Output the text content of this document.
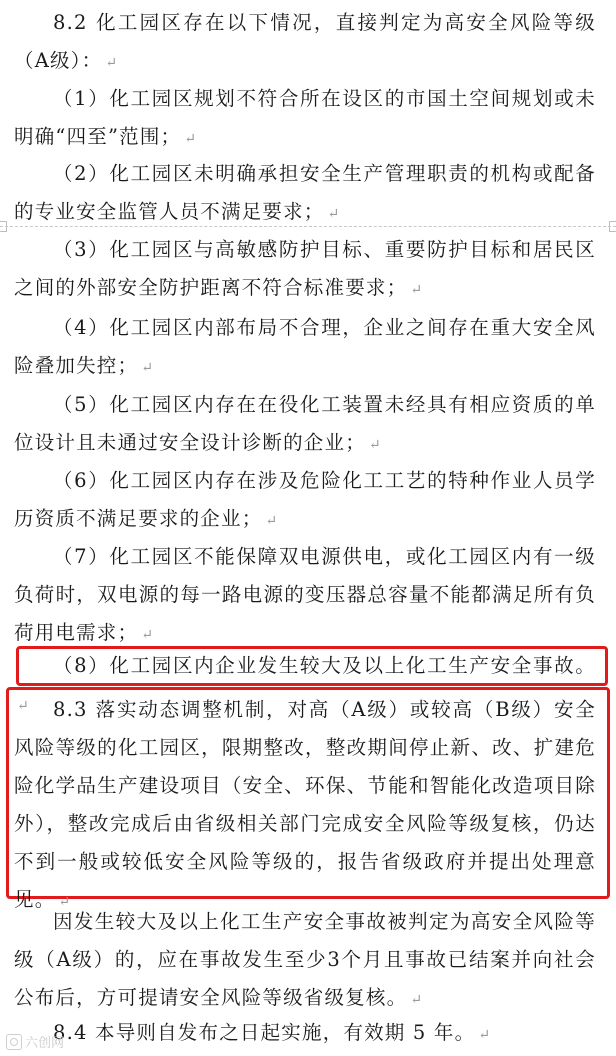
8.2 化工园区存在以下情况，直接判定为高安全风险等级（A级）： ↵

（1）化工园区规划不符合所在设区的市国土空间规划或未明确“四至”范围； ↵

（2）化工园区未明确承担安全生产管理职责的机构或配备的专业安全监管人员不满足要求； ↵

（3）化工园区与高敏感防护目标、重要防护目标和居民区之间的外部安全防护距离不符合标准要求； ↵

（4）化工园区内部布局不合理，企业之间存在重大安全风险叠加失控； ↵

（5）化工园区内存在在役化工装置未经具有相应资质的单位设计且未通过安全设计诊断的企业； ↵

（6）化工园区内存在涉及危险化工工艺的特种作业人员学历资质不满足要求的企业； ↵

（7）化工园区不能保障双电源供电，或化工园区内有一级负荷时，双电源的每一路电源的变压器总容量不能都满足所有负荷用电需求； ↵

（8）化工园区内企业发生较大及以上化工生产安全事故。↵	8.3 落实动态调整机制，对高（A级）或较高（B级）安全风险等级的化工园区，限期整改，整改期间停止新、改、扩建危险化学品生产建设项目（安全、环保、节能和智能化改造项目除外），整改完成后由省级相关部门完成安全风险等级复核，仍达不到一般或较低安全风险等级的，报告省级政府并提出处理意见。 ↵

因发生较大及以上化工生产安全事故被判定为高安全风险等级（A级）的，应在事故发生至少3个月且事故已结案并向社会公布后，方可提请安全风险等级省级复核。 ↵

8.4 本导则自发布之日起实施，有效期 5 年。 ↵

六创网
